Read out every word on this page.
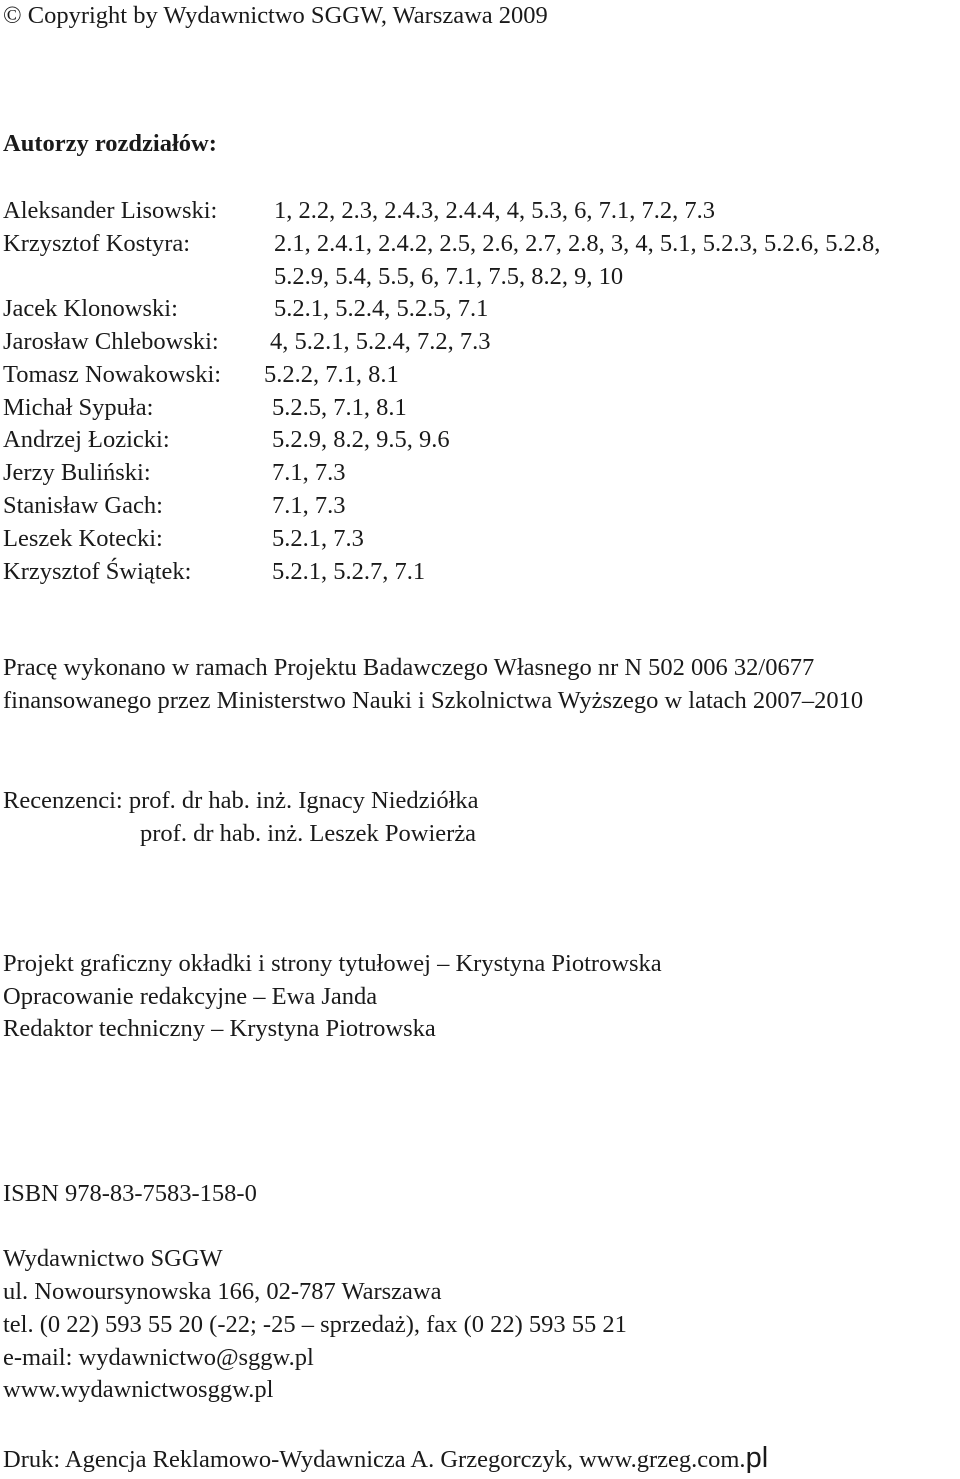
© Copyright by Wydawnictwo SGGW, Warszawa 2009
Autorzy rozdziałów:
Aleksander Lisowski: 1, 2.2, 2.3, 2.4.3, 2.4.4, 4, 5.3, 6, 7.1, 7.2, 7.3
Krzysztof Kostyra:	2.1, 2.4.1, 2.4.2, 2.5, 2.6, 2.7, 2.8, 3, 4, 5.1, 5.2.3, 5.2.6, 5.2.8,
5.2.9, 5.4, 5.5, 6, 7.1, 7.5, 8.2, 9, 10
Jacek Klonowski:	5.2.1, 5.2.4, 5.2.5, 7.1
Jarosław Chlebowski: 4, 5.2.1, 5.2.4, 7.2, 7.3
Tomasz Nowakowski: 5.2.2, 7.1, 8.1
Michał Sypuła:	5.2.5, 7.1, 8.1
Andrzej Łozicki:	5.2.9, 8.2, 9.5, 9.6
Jerzy Buliński:	7.1, 7.3
Stanisław Gach:	7.1, 7.3
Leszek Kotecki:	5.2.1, 7.3
Krzysztof Świątek:	5.2.1, 5.2.7, 7.1
Pracę wykonano w ramach Projektu Badawczego Własnego nr N 502 006 32/0677
finansowanego przez Ministerstwo Nauki i Szkolnictwa Wyższego w latach 2007–2010
Recenzenci: prof. dr hab. inż. Ignacy Niedziółka
prof. dr hab. inż. Leszek Powierża
Projekt graficzny okładki i strony tytułowej – Krystyna Piotrowska
Opracowanie redakcyjne – Ewa Janda
Redaktor techniczny – Krystyna Piotrowska
ISBN 978-83-7583-158-0
Wydawnictwo SGGW
ul. Nowoursynowska 166, 02-787 Warszawa
tel. (0 22) 593 55 20 (-22; -25 – sprzedaż), fax (0 22) 593 55 21
e-mail: wydawnictwo@sggw.pl
www.wydawnictwosggw.pl
Druk: Agencja Reklamowo-Wydawnicza A. Grzegorczyk, www.grzeg.com.pl
